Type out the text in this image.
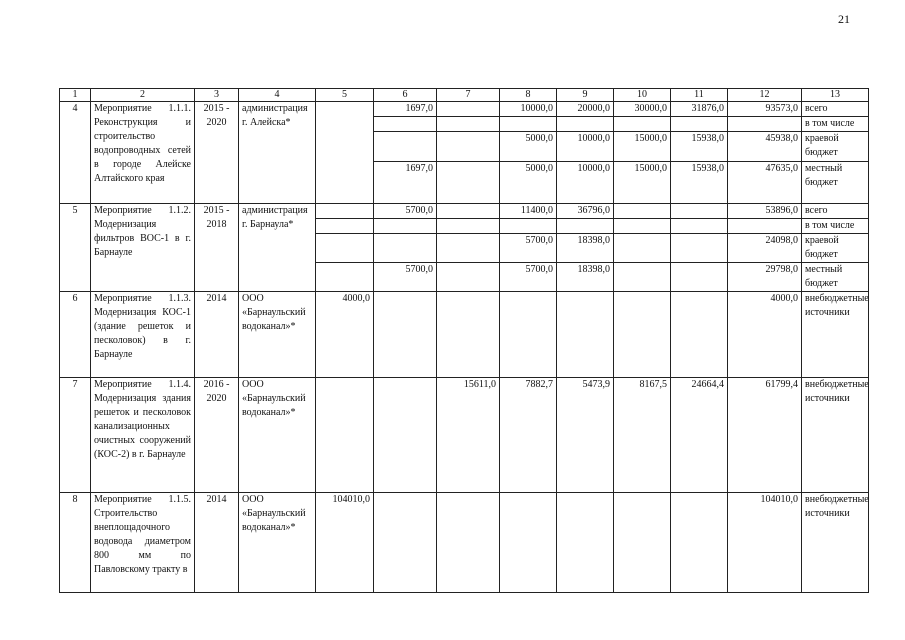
21
1	2	3	4	5	6	7	8	9	10	11	12	13
4	Мероприятие 1.1.1. Реконструкция и строительство водопроводных сетей в городе Алейске Алтайского края	2015 - 2020	администрация г. Алейска*		1697,0		10000,0	20000,0	30000,0	31876,0	93573,0	всего
												в том числе
							5000,0	10000,0	15000,0	15938,0	45938,0	краевой бюджет
					1697,0		5000,0	10000,0	15000,0	15938,0	47635,0	местный бюджет
5	Мероприятие 1.1.2. Модернизация фильтров ВОС-1 в г. Барнауле	2015 - 2018	администрация г. Барнаула*		5700,0		11400,0	36796,0			53896,0	всего
												в том числе
							5700,0	18398,0			24098,0	краевой бюджет
					5700,0		5700,0	18398,0			29798,0	местный бюджет
6	Мероприятие 1.1.3. Модернизация КОС-1 (здание решеток и песколовок) в г. Барнауле	2014	ООО «Барнаульский водоканал»*	4000,0							4000,0	внебюджетные источники
7	Мероприятие 1.1.4. Модернизация здания решеток и песколовок канализационных очистных сооружений (КОС-2) в г. Барнауле	2016 - 2020	ООО «Барнаульский водоканал»*			15611,0	7882,7	5473,9	8167,5	24664,4	61799,4	внебюджетные источники
8	Мероприятие 1.1.5. Строительство внеплощадочного водовода диаметром 800 мм по Павловскому тракту в	2014	ООО «Барнаульский водоканал»*	104010,0							104010,0	внебюджетные источники
